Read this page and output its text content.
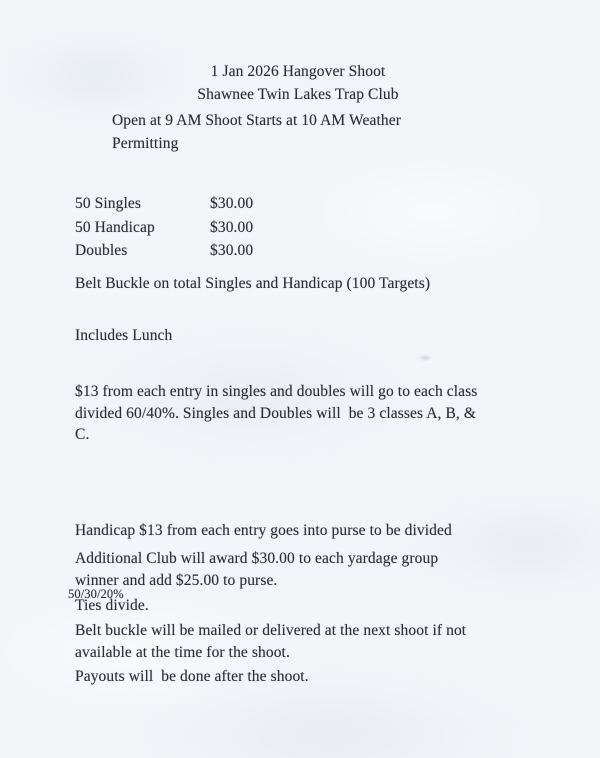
1 Jan 2026 Hangover Shoot
Shawnee Twin Lakes Trap Club
Open at 9 AM Shoot Starts at 10 AM Weather
Permitting
50 Singles	$30.00
50 Handicap	$30.00
Doubles	$30.00
Belt Buckle on total Singles and Handicap (100 Targets)
Includes Lunch
$13 from each entry in singles and doubles will go to each class
divided 60/40%. Singles and Doubles will  be 3 classes A, B, &
C.

Handicap $13 from each entry goes into purse to be divided

50/30/20%

Additional Club will award $30.00 to each yardage group
winner and add $25.00 to purse.
Ties divide.
Belt buckle will be mailed or delivered at the next shoot if not
available at the time for the shoot.
Payouts will  be done after the shoot.
